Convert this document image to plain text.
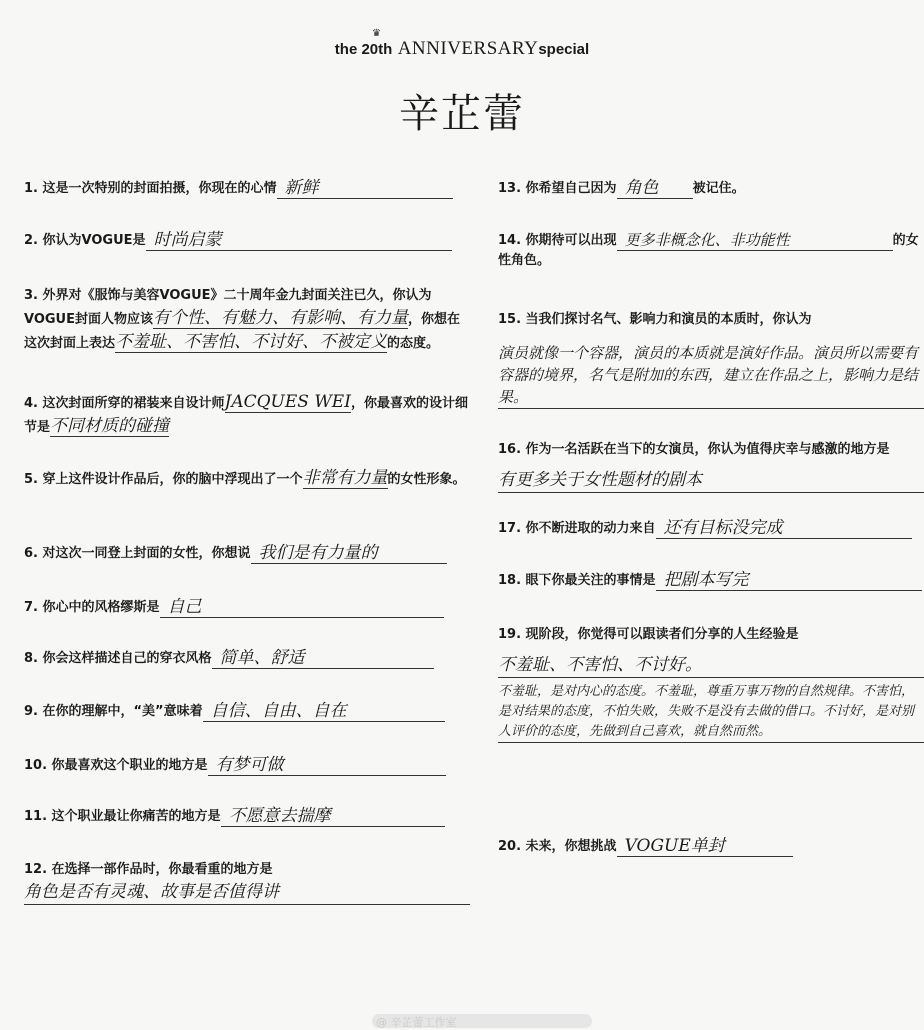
♛
the 20th ANNIVERSARYspecial
辛芷蕾
1. 这是一次特别的封面拍摄，你现在的心情 新鲜
2. 你认为VOGUE是 时尚启蒙
3. 外界对《服饰与美容VOGUE》二十周年金九封面关注已久，你认为VOGUE封面人物应该有个性、有魅力、有影响、有力量，你想在这次封面上表达不羞耻、不害怕、不讨好、不被定义的态度。
4. 这次封面所穿的裙装来自设计师JACQUES WEI，你最喜欢的设计细节是不同材质的碰撞
5. 穿上这件设计作品后，你的脑中浮现出了一个非常有力量的女性形象。
6. 对这次一同登上封面的女性，你想说 我们是有力量的
7. 你心中的风格缪斯是 自己
8. 你会这样描述自己的穿衣风格 简单、舒适
9. 在你的理解中，“美”意味着 自信、自由、自在
10. 你最喜欢这个职业的地方是 有梦可做
11. 这个职业最让你痛苦的地方是 不愿意去揣摩
12. 在选择一部作品时，你最看重的地方是
角色是否有灵魂、故事是否值得讲
13. 你希望自己因为 角色	被记住。
14. 你期待可以出现 更多非概念化、非功能性	的女性角色。
15. 当我们探讨名气、影响力和演员的本质时，你认为
演员就像一个容器，演员的本质就是演好作品。演员所以需要有容器的境界，名气是附加的东西，建立在作品之上，影响力是结果。
16. 作为一名活跃在当下的女演员，你认为值得庆幸与感激的地方是
有更多关于女性题材的剧本
17. 你不断进取的动力来自 还有目标没完成
18. 眼下你最关注的事情是 把剧本写完
19. 现阶段，你觉得可以跟读者们分享的人生经验是
不羞耻、不害怕、不讨好。
不羞耻，是对内心的态度。不羞耻，尊重万事万物的自然规律。不害怕，是对结果的态度，不怕失败，失败不是没有去做的借口。不讨好，是对别人评价的态度，先做到自己喜欢，就自然而然。
20. 未来，你想挑战 VOGUE单封
@ 辛芷蕾工作室
